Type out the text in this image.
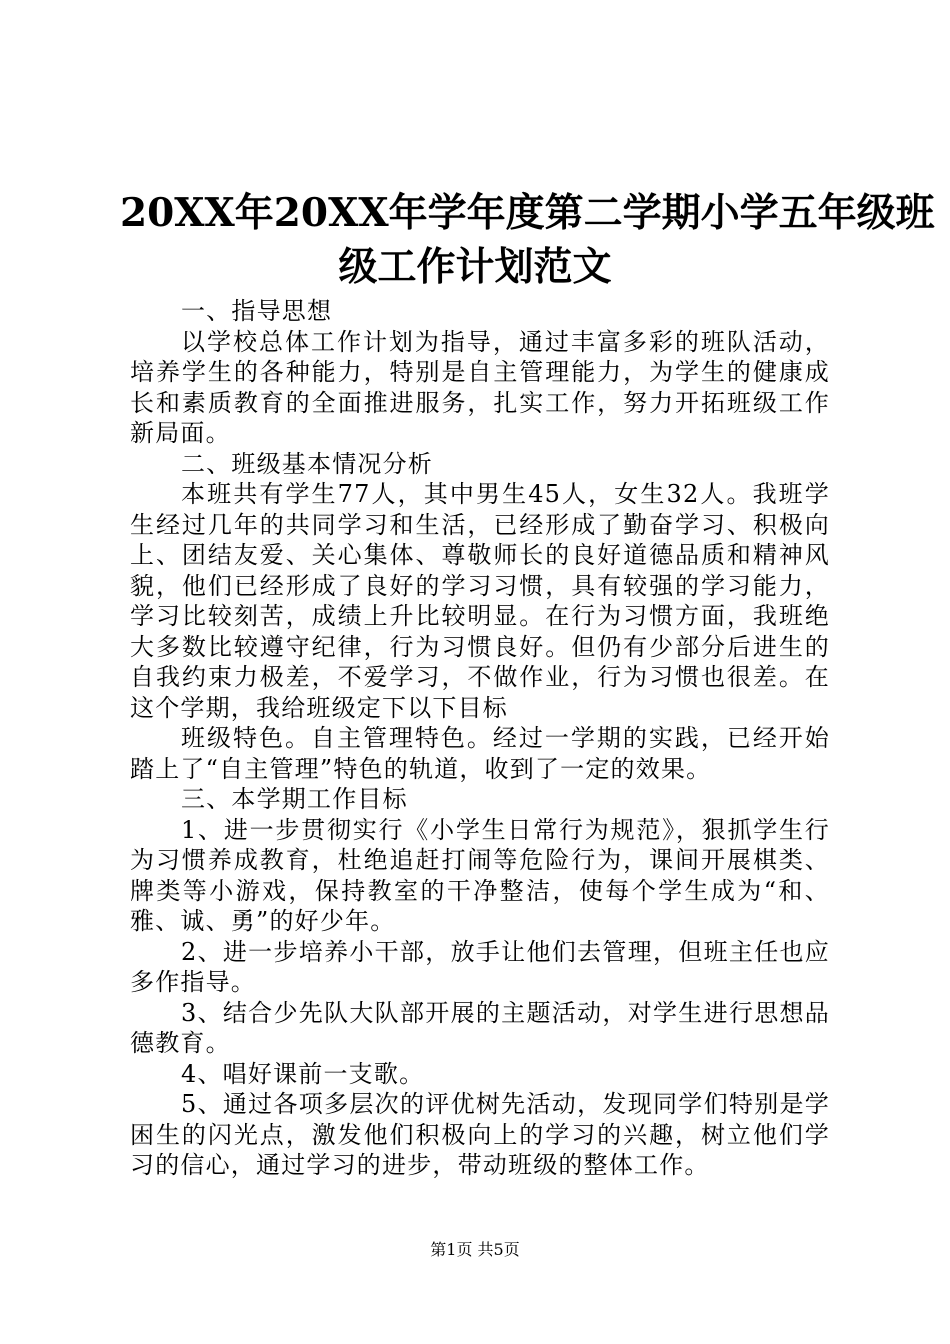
20XX年20XX年学年度第二学期小学五年级班
级工作计划范文

一、指导思想

以学校总体工作计划为指导，通过丰富多彩的班队活动，培养学生的各种能力，特别是自主管理能力，为学生的健康成长和素质教育的全面推进服务，扎实工作，努力开拓班级工作新局面。

二、班级基本情况分析

本班共有学生77人，其中男生45人，女生32人。我班学生经过几年的共同学习和生活，已经形成了勤奋学习、积极向上、团结友爱、关心集体、尊敬师长的良好道德品质和精神风貌，他们已经形成了良好的学习习惯，具有较强的学习能力，学习比较刻苦，成绩上升比较明显。在行为习惯方面，我班绝大多数比较遵守纪律，行为习惯良好。但仍有少部分后进生的自我约束力极差，不爱学习，不做作业，行为习惯也很差。在这个学期，我给班级定下以下目标

班级特色。自主管理特色。经过一学期的实践，已经开始踏上了“自主管理”特色的轨道，收到了一定的效果。

三、本学期工作目标

1、进一步贯彻实行《小学生日常行为规范》，狠抓学生行为习惯养成教育，杜绝追赶打闹等危险行为，课间开展棋类、牌类等小游戏，保持教室的干净整洁，使每个学生成为“和、雅、诚、勇”的好少年。

2、进一步培养小干部，放手让他们去管理，但班主任也应多作指导。

3、结合少先队大队部开展的主题活动，对学生进行思想品德教育。

4、唱好课前一支歌。

5、通过各项多层次的评优树先活动，发现同学们特别是学困生的闪光点，激发他们积极向上的学习的兴趣，树立他们学习的信心，通过学习的进步，带动班级的整体工作。

第1页 共5页
